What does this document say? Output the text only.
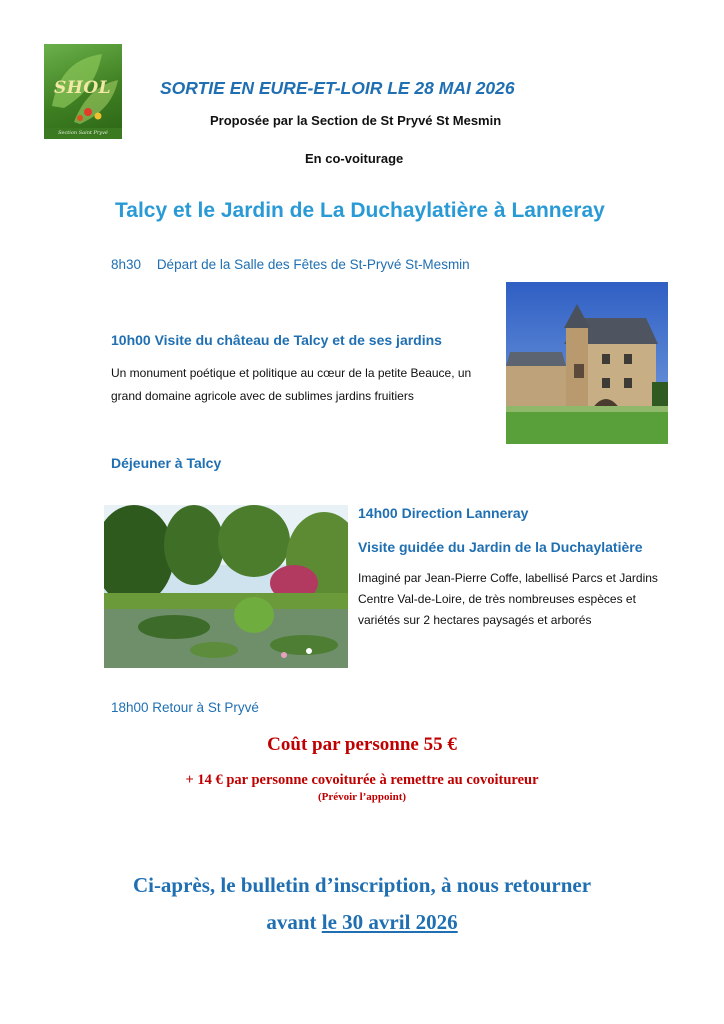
SHOL
Section Saint Pryvé
SORTIE EN EURE-ET-LOIR LE 28 MAI 2026
Proposée par la Section de St Pryvé St Mesmin
En co-voiturage
Talcy et le Jardin de La Duchaylatière à Lanneray
8h30 Départ de la Salle des Fêtes de St-Pryvé St-Mesmin
10h00 Visite du château de Talcy et de ses jardins
Un monument poétique et politique au cœur de la petite Beauce, un grand domaine agricole avec de sublimes jardins fruitiers
Déjeuner à Talcy
14h00 Direction Lanneray
Visite guidée du Jardin de la Duchaylatière
Imaginé par Jean-Pierre Coffe, labellisé Parcs et Jardins Centre Val-de-Loire, de très nombreuses espèces et variétés sur 2 hectares paysagés et arborés
18h00 Retour à St Pryvé
Coût par personne 55 €
+ 14 € par personne covoiturée à remettre au covoitureur
(Prévoir l’appoint)
Ci-après, le bulletin d’inscription, à nous retourner
avant le 30 avril 2026
